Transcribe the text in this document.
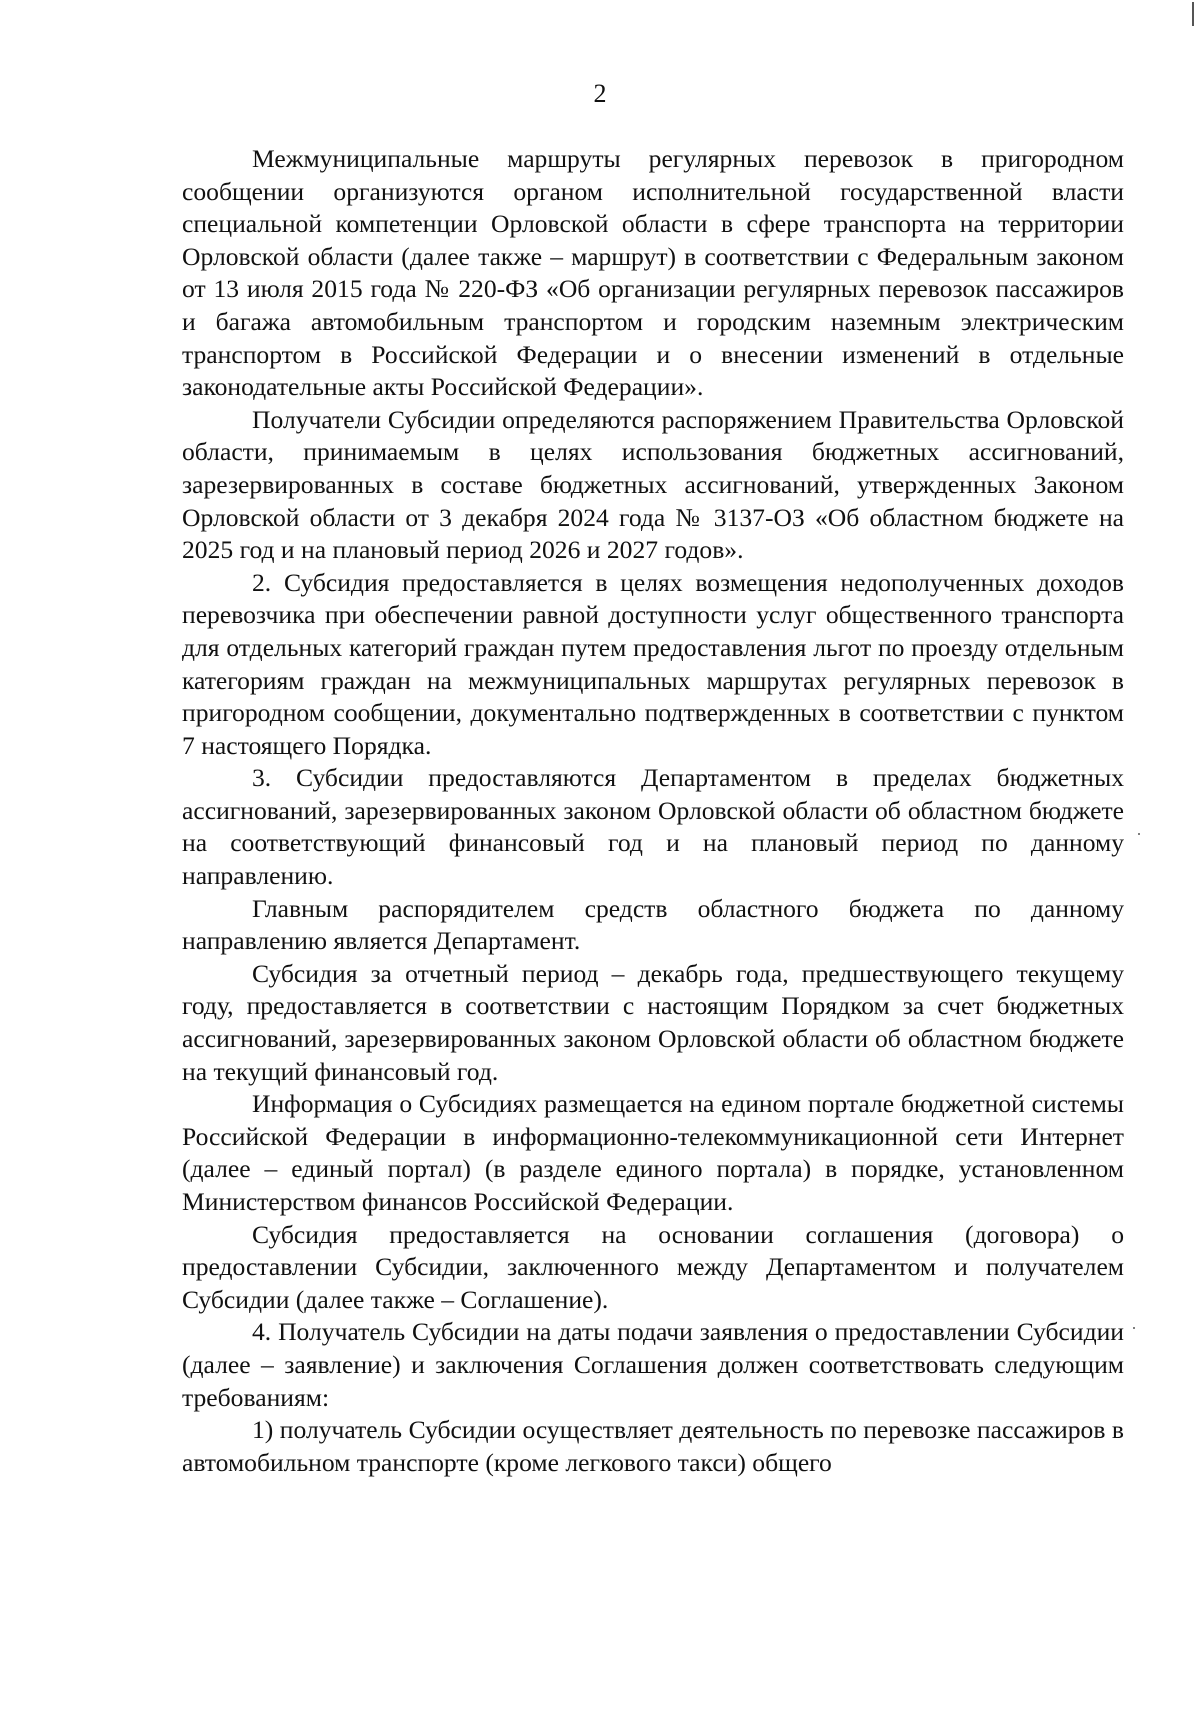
2

Межмуниципальные маршруты регулярных перевозок в пригородном сообщении организуются органом исполнительной государственной власти специальной компетенции Орловской области в сфере транспорта на территории Орловской области (далее также – маршрут) в соответствии с Федеральным законом от 13 июля 2015 года № 220-ФЗ «Об организации регулярных перевозок пассажиров и багажа автомобильным транспортом и городским наземным электрическим транспортом в Российской Федерации и о внесении изменений в отдельные законодательные акты Российской Федерации».

Получатели Субсидии определяются распоряжением Правительства Орловской области, принимаемым в целях использования бюджетных ассигнований, зарезервированных в составе бюджетных ассигнований, утвержденных Законом Орловской области от 3 декабря 2024 года № 3137-ОЗ «Об областном бюджете на 2025 год и на плановый период 2026 и 2027 годов».

2. Субсидия предоставляется в целях возмещения недополученных доходов перевозчика при обеспечении равной доступности услуг общественного транспорта для отдельных категорий граждан путем предоставления льгот по проезду отдельным категориям граждан на межмуниципальных маршрутах регулярных перевозок в пригородном сообщении, документально подтвержденных в соответствии с пунктом 7 настоящего Порядка.

3. Субсидии предоставляются Департаментом в пределах бюджетных ассигнований, зарезервированных законом Орловской области об областном бюджете на соответствующий финансовый год и на плановый период по данному направлению.

Главным распорядителем средств областного бюджета по данному направлению является Департамент.

Субсидия за отчетный период – декабрь года, предшествующего текущему году, предоставляется в соответствии с настоящим Порядком за счет бюджетных ассигнований, зарезервированных законом Орловской области об областном бюджете на текущий финансовый год.

Информация о Субсидиях размещается на едином портале бюджетной системы Российской Федерации в информационно-телекоммуникационной сети Интернет (далее – единый портал) (в разделе единого портала) в порядке, установленном Министерством финансов Российской Федерации.

Субсидия предоставляется на основании соглашения (договора) о предоставлении Субсидии, заключенного между Департаментом и получателем Субсидии (далее также – Соглашение).

4. Получатель Субсидии на даты подачи заявления о предоставлении Субсидии (далее – заявление) и заключения Соглашения должен соответствовать следующим требованиям:

1) получатель Субсидии осуществляет деятельность по перевозке пассажиров в автомобильном транспорте (кроме легкового такси) общего
